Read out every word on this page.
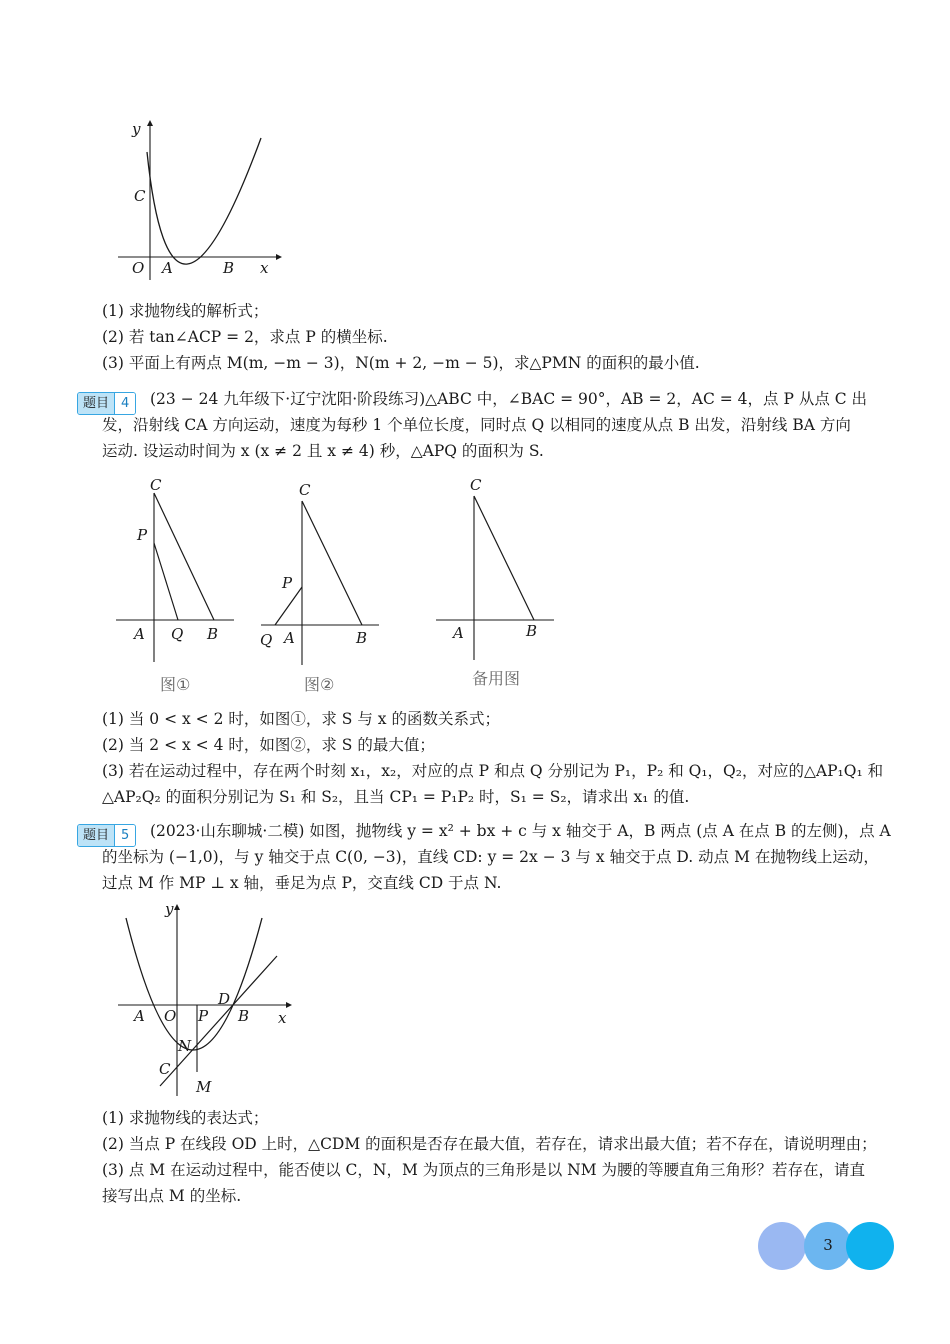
y
C
O A	B x
(1) 求抛物线的解析式；
(2) 若 tan∠ACP = 2，求点 P 的横坐标.
(3) 平面上有两点 M(m, −m − 3)，N(m + 2, −m − 5)，求△PMN 的面积的最小值.
题目 4	(23 − 24 九年级下·辽宁沈阳·阶段练习)△ABC 中，∠BAC = 90°，AB = 2，AC = 4，点 P 从点 C 出
发，沿射线 CA 方向运动，速度为每秒 1 个单位长度，同时点 Q 以相同的速度从点 B 出发，沿射线 BA 方向
运动. 设运动时间为 x (x ≠ 2 且 x ≠ 4) 秒，△APQ 的面积为 S.
C
P
A Q B
图①
C
P
Q A	B
图②
C
A	B
备用图
(1) 当 0 < x < 2 时，如图①，求 S 与 x 的函数关系式；
(2) 当 2 < x < 4 时，如图②，求 S 的最大值；
(3) 若在运动过程中，存在两个时刻 x₁，x₂，对应的点 P 和点 Q 分别记为 P₁，P₂ 和 Q₁，Q₂，对应的△AP₁Q₁ 和
△AP₂Q₂ 的面积分别记为 S₁ 和 S₂，且当 CP₁ = P₁P₂ 时，S₁ = S₂，请求出 x₁ 的值.
题目 5	(2023·山东聊城·二模) 如图，抛物线 y = x² + bx + c 与 x 轴交于 A，B 两点 (点 A 在点 B 的左侧)，点 A
的坐标为 (−1,0)，与 y 轴交于点 C(0, −3)，直线 CD: y = 2x − 3 与 x 轴交于点 D. 动点 M 在抛物线上运动，
过点 M 作 MP ⊥ x 轴，垂足为点 P，交直线 CD 于点 N.
y
x
A O P B
D
N
C
M
(1) 求抛物线的表达式；
(2) 当点 P 在线段 OD 上时，△CDM 的面积是否存在最大值，若存在，请求出最大值；若不存在，请说明理由；
(3) 点 M 在运动过程中，能否使以 C，N，M 为顶点的三角形是以 NM 为腰的等腰直角三角形？若存在，请直
接写出点 M 的坐标.
3
